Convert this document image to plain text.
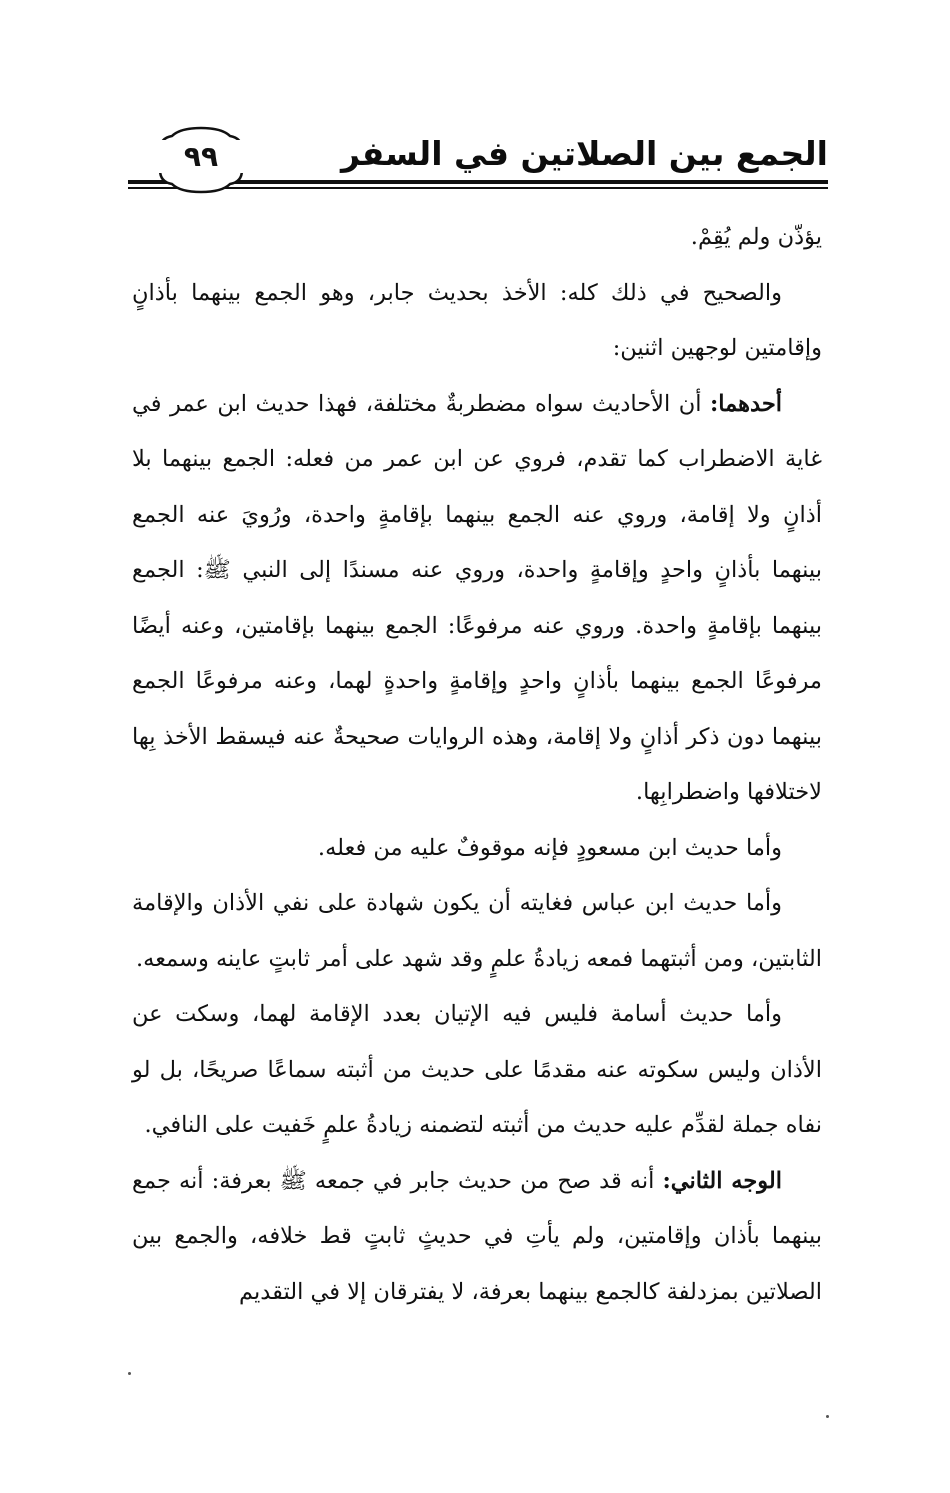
الجمع بين الصلاتين في السفر
٩٩

يؤذّن ولم يُقِمْ.

والصحيح في ذلك كله: الأخذ بحديث جابر، وهو الجمع بينهما بأذانٍ وإقامتين لوجهين اثنين:

أحدهما: أن الأحاديث سواه مضطربةٌ مختلفة، فهذا حديث ابن عمر في غاية الاضطراب كما تقدم، فروي عن ابن عمر من فعله: الجمع بينهما بلا أذانٍ ولا إقامة، وروي عنه الجمع بينهما بإقامةٍ واحدة، ورُويَ عنه الجمع بينهما بأذانٍ واحدٍ وإقامةٍ واحدة، وروي عنه مسندًا إلى النبي ﷺ: الجمع بينهما بإقامةٍ واحدة. وروي عنه مرفوعًا: الجمع بينهما بإقامتين، وعنه أيضًا مرفوعًا الجمع بينهما بأذانٍ واحدٍ وإقامةٍ واحدةٍ لهما، وعنه مرفوعًا الجمع بينهما دون ذكر أذانٍ ولا إقامة، وهذه الروايات صحيحةٌ عنه فيسقط الأخذ بِها لاختلافها واضطرابِها.

وأما حديث ابن مسعودٍ فإنه موقوفٌ عليه من فعله.

وأما حديث ابن عباس فغايته أن يكون شهادة على نفي الأذان والإقامة الثابتين، ومن أثبتهما فمعه زيادةُ علمٍ وقد شهد على أمر ثابتٍ عاينه وسمعه.

وأما حديث أسامة فليس فيه الإتيان بعدد الإقامة لهما، وسكت عن الأذان وليس سكوته عنه مقدمًا على حديث من أثبته سماعًا صريحًا، بل لو نفاه جملة لقدِّم عليه حديث من أثبته لتضمنه زيادةُ علمٍ خَفيت على النافي.

الوجه الثاني: أنه قد صح من حديث جابر في جمعه ﷺ بعرفة: أنه جمع بينهما بأذان وإقامتين، ولم يأتِ في حديثٍ ثابتٍ قط خلافه، والجمع بين الصلاتين بمزدلفة كالجمع بينهما بعرفة، لا يفترقان إلا في التقديم
